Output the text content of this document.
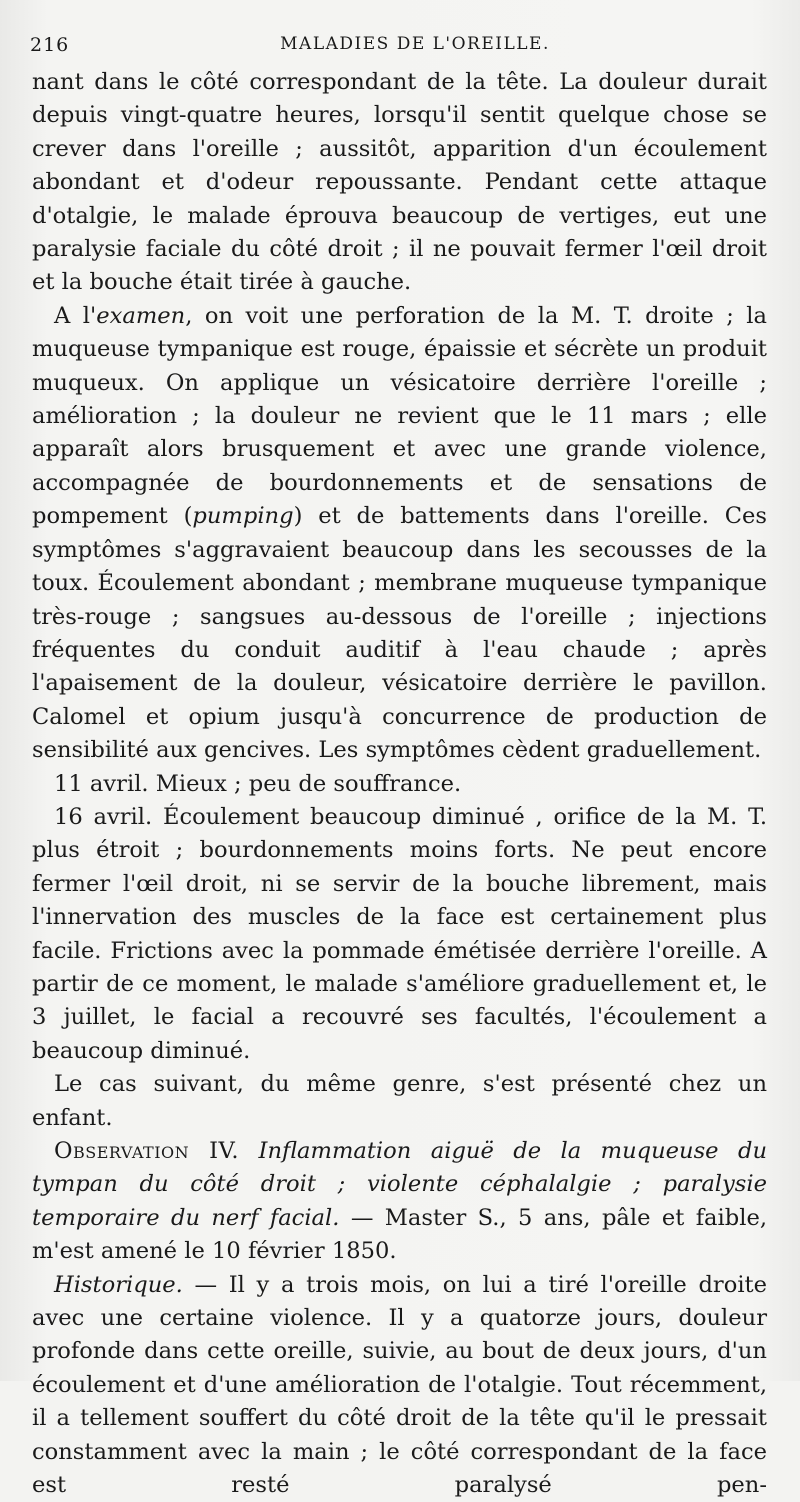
216	MALADIES DE L'OREILLE.

nant dans le côté correspondant de la tête. La douleur durait depuis vingt-quatre heures, lorsqu'il sentit quelque chose se crever dans l'oreille ; aussitôt, apparition d'un écoulement abondant et d'odeur repoussante. Pendant cette attaque d'otalgie, le malade éprouva beaucoup de vertiges, eut une paralysie faciale du côté droit ; il ne pouvait fermer l'œil droit et la bouche était tirée à gauche.

A l'examen, on voit une perforation de la M. T. droite ; la muqueuse tympanique est rouge, épaissie et sécrète un produit muqueux. On applique un vésicatoire derrière l'oreille ; amélioration ; la douleur ne revient que le 11 mars ; elle apparaît alors brusquement et avec une grande violence, accompagnée de bourdonnements et de sensations de pompement (pumping) et de battements dans l'oreille. Ces symptômes s'aggravaient beaucoup dans les secousses de la toux. Écoulement abondant ; membrane muqueuse tympanique très-rouge ; sangsues au-dessous de l'oreille ; injections fréquentes du conduit auditif à l'eau chaude ; après l'apaisement de la douleur, vésicatoire derrière le pavillon. Calomel et opium jusqu'à concurrence de production de sensibilité aux gencives. Les symptômes cèdent graduellement.

11 avril. Mieux ; peu de souffrance.

16 avril. Écoulement beaucoup diminué , orifice de la M. T. plus étroit ; bourdonnements moins forts. Ne peut encore fermer l'œil droit, ni se servir de la bouche librement, mais l'innervation des muscles de la face est certainement plus facile. Frictions avec la pommade émétisée derrière l'oreille. A partir de ce moment, le malade s'améliore graduellement et, le 3 juillet, le facial a recouvré ses facultés, l'écoulement a beaucoup diminué.

Le cas suivant, du même genre, s'est présenté chez un enfant.

Observation IV. Inflammation aiguë de la muqueuse du tympan du côté droit ; violente céphalalgie ; paralysie temporaire du nerf facial. — Master S., 5 ans, pâle et faible, m'est amené le 10 février 1850.

Historique. — Il y a trois mois, on lui a tiré l'oreille droite avec une certaine violence. Il y a quatorze jours, douleur profonde dans cette oreille, suivie, au bout de deux jours, d'un écoulement et d'une amélioration de l'otalgie. Tout récemment, il a tellement souffert du côté droit de la tête qu'il le pressait constamment avec la main ; le côté correspondant de la face est resté paralysé pen-
